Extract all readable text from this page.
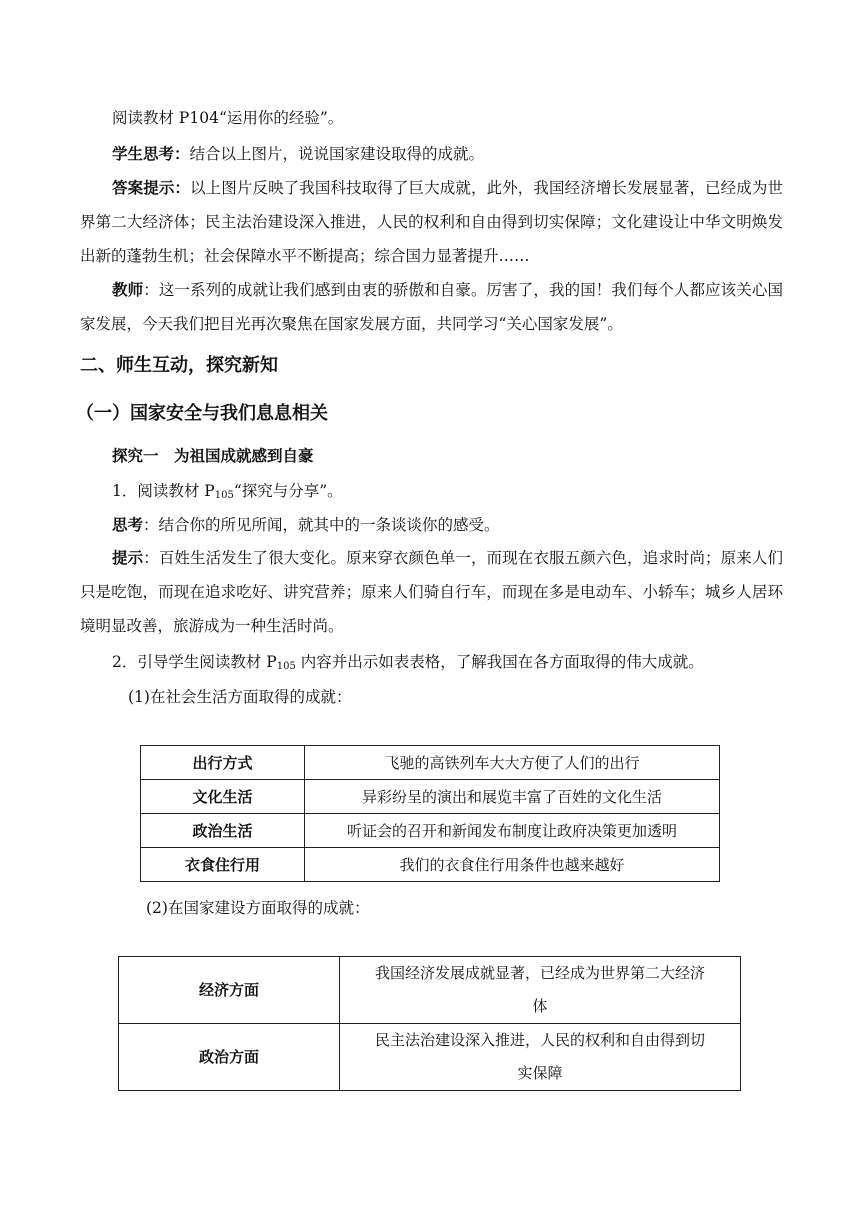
阅读教材 P104“运用你的经验”。
学生思考：结合以上图片，说说国家建设取得的成就。
答案提示：以上图片反映了我国科技取得了巨大成就，此外，我国经济增长发展显著，已经成为世界第二大经济体；民主法治建设深入推进，人民的权利和自由得到切实保障；文化建设让中华文明焕发出新的蓬勃生机；社会保障水平不断提高；综合国力显著提升……
教师：这一系列的成就让我们感到由衷的骄傲和自豪。厉害了，我的国！我们每个人都应该关心国家发展，今天我们把目光再次聚焦在国家发展方面，共同学习“关心国家发展”。
二、师生互动，探究新知
（一）国家安全与我们息息相关
探究一　为祖国成就感到自豪
1．阅读教材 $P_{105}“$探究与分享”。
思考：结合你的所见所闻，就其中的一条谈谈你的感受。
提示：百姓生活发生了很大变化。原来穿衣颜色单一，而现在衣服五颜六色，追求时尚；原来人们只是吃饱，而现在追求吃好、讲究营养；原来人们骑自行车，而现在多是电动车、小轿车；城乡人居环境明显改善，旅游成为一种生活时尚。
2．引导学生阅读教材 $P_{105}$ 内容并出示如表表格，了解我国在各方面取得的伟大成就。
(1)在社会生活方面取得的成就：
出行方式	飞驰的高铁列车大大方便了人们的出行
文化生活	异彩纷呈的演出和展览丰富了百姓的文化生活
政治生活	听证会的召开和新闻发布制度让政府决策更加透明
衣食住行用	我们的衣食住行用条件也越来越好
(2)在国家建设方面取得的成就：
经济方面	我国经济发展成就显著，已经成为世界第二大经济
体
政治方面	民主法治建设深入推进，人民的权利和自由得到切
实保障
